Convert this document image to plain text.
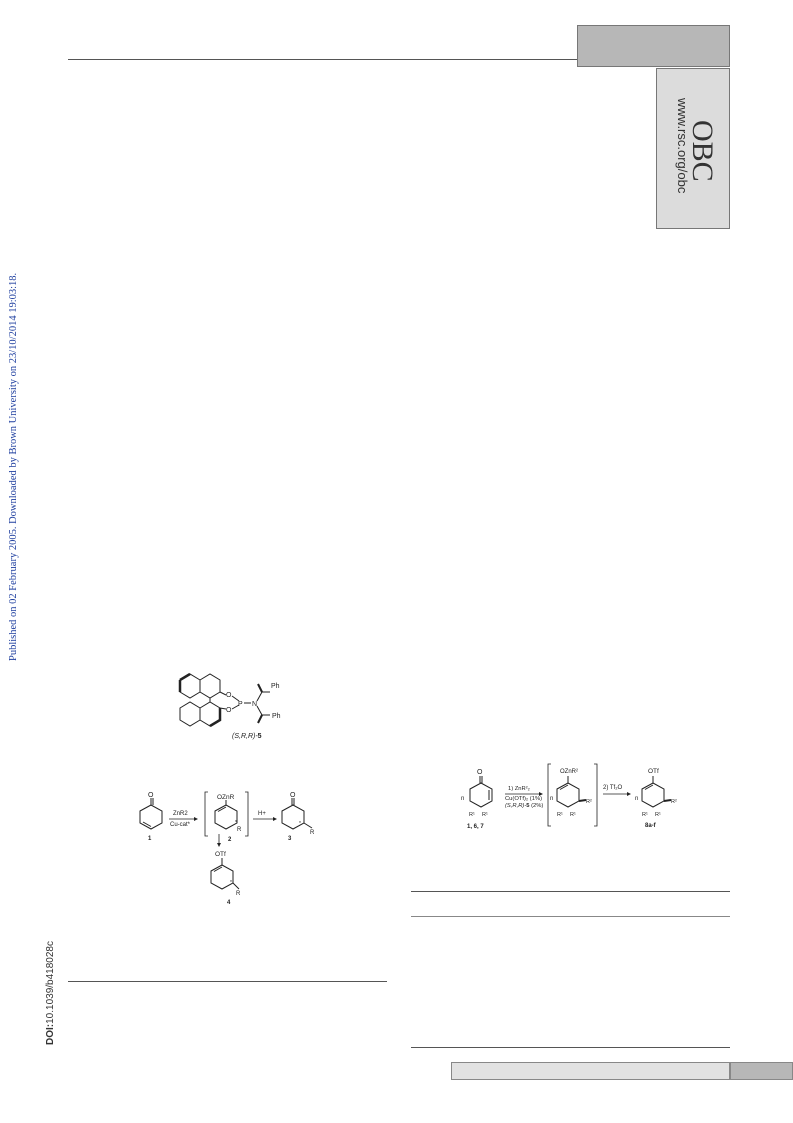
OBC
www.rsc.org/obc
Published on 02 February 2005. Downloaded by Brown University on 23/10/2014 19:03:18.
DOI:10.1039/b418028c
O
O
P N
Ph
Ph
(S,R,R)-5
O
1
ZnR2
Cu-cat*
OZnR
R
*
2
H+
O
R
*
3
OTf
R
*
4
O
n
R¹ R¹
1, 6, 7
1) ZnR²₂
Cu(OTf)₂ (1%)
(S,R,R)-5 (2%)
OZnR²
R²
n
R¹ R¹
2) Tf₂O
OTf
R²
n
R¹ R¹
8a-f
